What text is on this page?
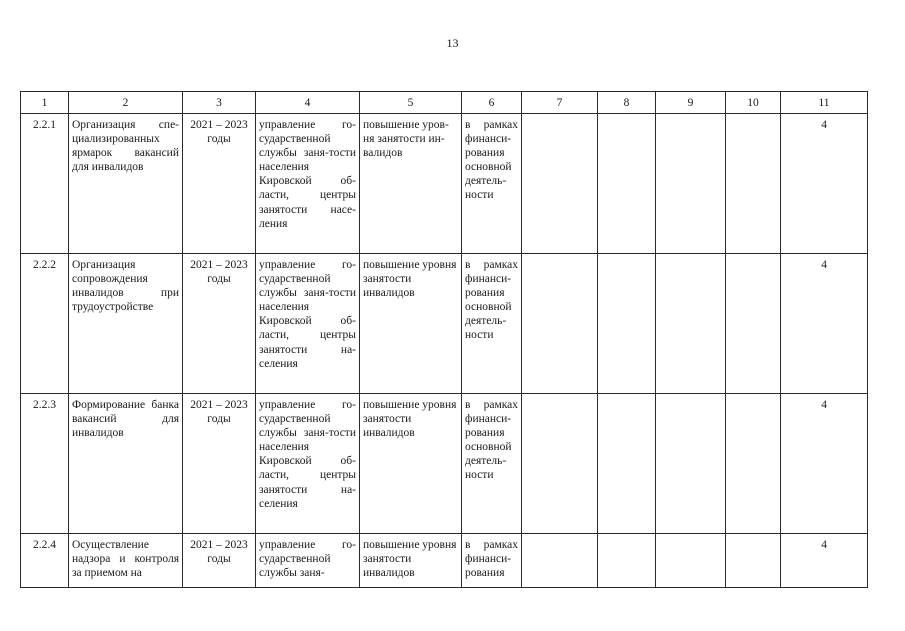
13
1	2	3	4	5	6	7	8	9	10	11
2.2.1	Организация спе-циализированных ярмарок вакансий для инвалидов	2021 – 2023 годы	управление го-сударственной службы заня-тости населения Кировской об-ласти, центры занятости насе-ления	повышение уров-ня занятости ин-валидов	в рамках финанси-рования основной деятель-ности					4
2.2.2	Организация сопровождения инвалидов при трудоустройстве	2021 – 2023 годы	управление го-сударственной службы заня-тости населения Кировской об-ласти, центры занятости на-селения	повышение уровня занятости инвалидов	в рамках финанси-рования основной деятель-ности					4
2.2.3	Формирование банка вакансий для инвалидов	2021 – 2023 годы	управление го-сударственной службы заня-тости населения Кировской об-ласти, центры занятости на-селения	повышение уровня занятости инвалидов	в рамках финанси-рования основной деятель-ности					4
2.2.4	Осуществление надзора и контроля за приемом на	2021 – 2023 годы	управление го-сударственной службы заня-	повышение уровня занятости инвалидов	в рамках финанси-рования					4
